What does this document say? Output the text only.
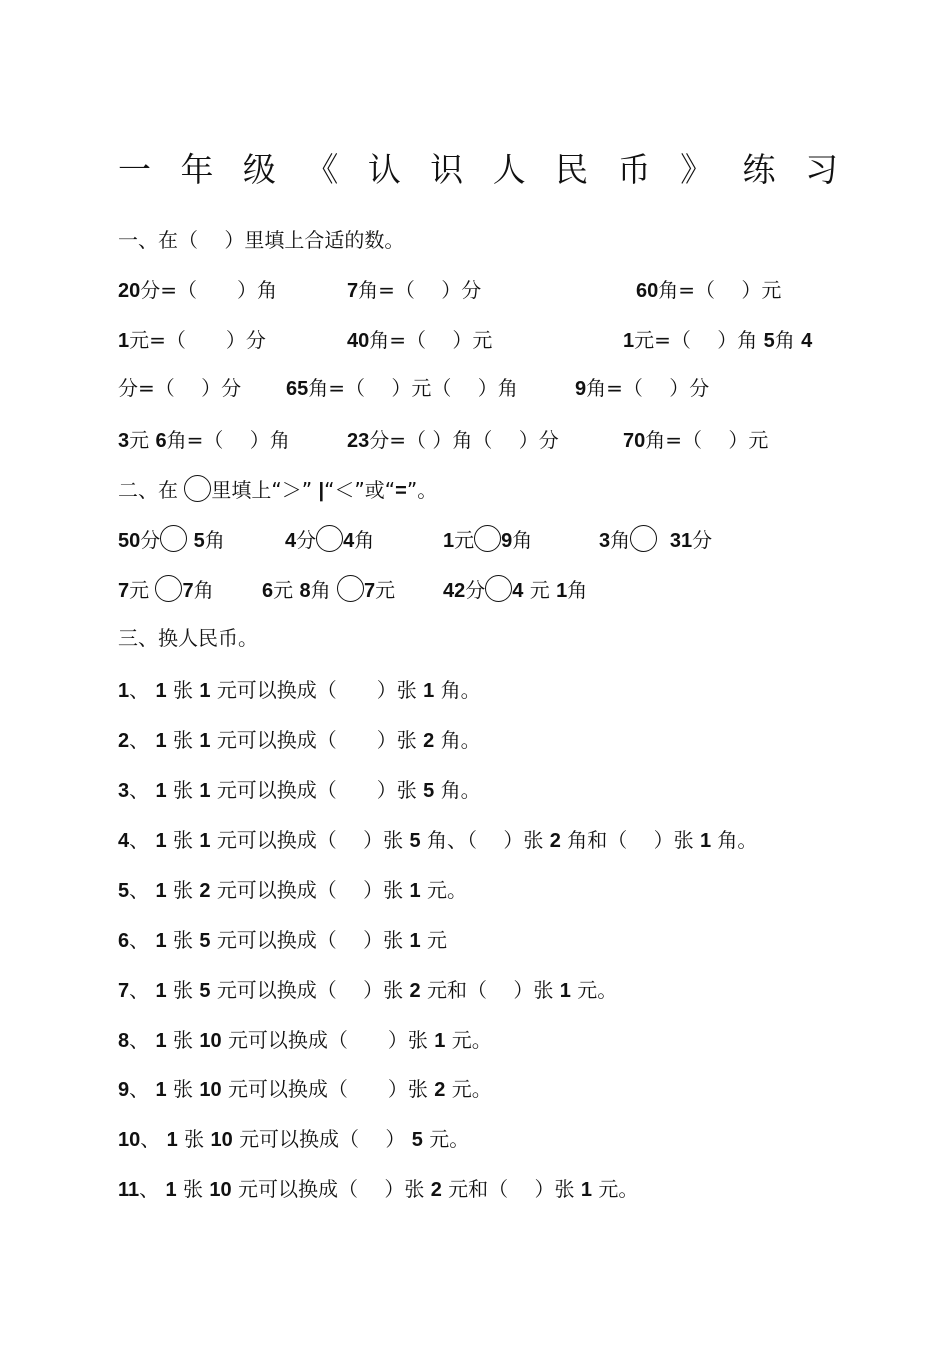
一 年 级 《 认 识 人 民 币 》 练 习
一、在（　 ）里填上合适的数。
20分=（　　）角	7角=（　 ）分	60角=（　 ）元
1元=（　　）分	40角=（　 ）元	1元=（　 ）角 5角 4
分=（　 ）分 65角=（　 ）元（　 ）角	9角=（　 ）分
3元 6角=（　 ）角	23分=（ ）角（　 ）分	70角=（　 ）元
二、在 里填上“＞” |“＜”或“=”。
50分 5角	4分 4角	1元 9角	3角 31分
7元 7角 6元 8角 7元 42分 4 元 1角
三、换人民币。
1、 1 张 1 元可以换成（　　）张 1 角。
2、 1 张 1 元可以换成（　　）张 2 角。
3、 1 张 1 元可以换成（　　）张 5 角。
4、 1 张 1 元可以换成（　 ）张 5 角、（　 ）张 2 角和（　 ）张 1 角。
5、 1 张 2 元可以换成（　 ）张 1 元。
6、 1 张 5 元可以换成（　 ）张 1 元
7、 1 张 5 元可以换成（　 ）张 2 元和（　 ）张 1 元。
8、 1 张 10 元可以换成（　　）张 1 元。
9、 1 张 10 元可以换成（　　）张 2 元。
10、 1 张 10 元可以换成（　 ） 5 元。
11、 1 张 10 元可以换成（　 ）张 2 元和（　 ）张 1 元。
